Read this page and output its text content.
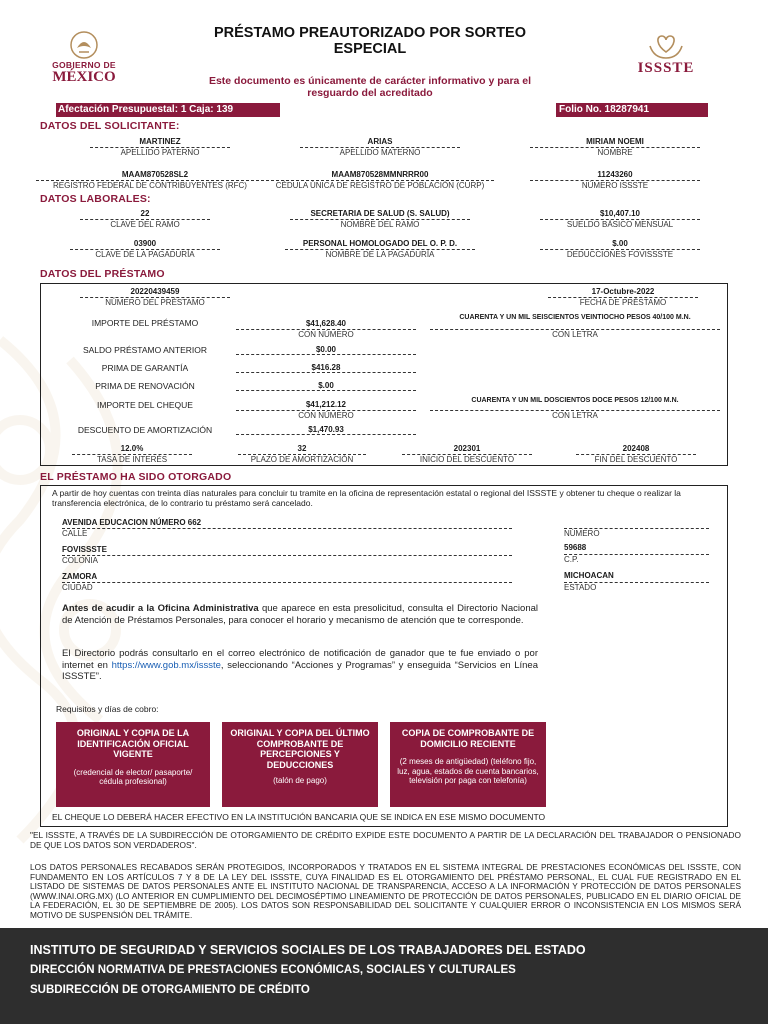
GOBIERNO DE
MÉXICO
ISSSTE
PRÉSTAMO PREAUTORIZADO POR SORTEO
ESPECIAL
Este documento es únicamente de carácter informativo y para el
resguardo del acreditado
Afectación Presupuestal: 1 Caja: 139	Folio No. 18287941
DATOS DEL SOLICITANTE:
MARTINEZ
APELLIDO PATERNO
ARIAS
APELLIDO MATERNO
MIRIAM NOEMI
NOMBRE
MAAM870528SL2
REGISTRO FEDERAL DE CONTRIBUYENTES (RFC)
MAAM870528MMNRRR00
CÉDULA ÚNICA DE REGISTRO DE POBLACIÓN (CURP)
11243260
NÚMERO ISSSTE
DATOS LABORALES:
22
CLAVE DEL RAMO
SECRETARIA DE SALUD (S. SALUD)
NOMBRE DEL RAMO
$10,407.10
SUELDO BÁSICO MENSUAL
03900
CLAVE DE LA PAGADURÍA
PERSONAL HOMOLOGADO DEL O. P. D.
NOMBRE DE LA PAGADURÍA
$.00
DEDUCCIONES FOVISSSTE
DATOS DEL PRÉSTAMO
20220439459
NÚMERO DEL PRÉSTAMO
17-Octubre-2022
FECHA DE PRÉSTAMO
IMPORTE DEL PRÉSTAMO	$41,628.40
CON NÚMERO
CUARENTA Y UN MIL SEISCIENTOS VEINTIOCHO PESOS 40/100 M.N.
CON LETRA
SALDO PRÉSTAMO ANTERIOR	$0.00
PRIMA DE GARANTÍA	$416.28
PRIMA DE RENOVACIÓN	$.00
IMPORTE DEL CHEQUE	$41,212.12
CON NÚMERO
CUARENTA Y UN MIL DOSCIENTOS DOCE PESOS 12/100 M.N.
CON LETRA
DESCUENTO DE AMORTIZACIÓN	$1,470.93
12.0%
TASA DE INTERÉS
32
PLAZO DE AMORTIZACIÓN
202301
INICIO DEL DESCUENTO
202408
FIN DEL DESCUENTO
EL PRÉSTAMO HA SIDO OTORGADO
A partir de hoy cuentas con treinta días naturales para concluir tu tramite en la oficina de representación estatal o regional del ISSSTE y obtener tu cheque o realizar la transferencia electrónica, de lo contrario tu préstamo será cancelado.
AVENIDA EDUCACION NÚMERO 662
CALLE	NÚMERO
FOVISSSTE
COLONIA
59688
C.P.
ZAMORA
CIUDAD
MICHOACAN
ESTADO
Antes de acudir a la Oficina Administrativa que aparece en esta presolicitud, consulta el Directorio Nacional de Atención de Préstamos Personales, para conocer el horario y mecanismo de atención que te corresponde.
El Directorio podrás consultarlo en el correo electrónico de notificación de ganador que te fue enviado o por internet en https://www.gob.mx/issste, seleccionando “Acciones y Programas” y enseguida “Servicios en Línea ISSSTE”.
Requisitos y días de cobro:
ORIGINAL Y COPIA DE LA IDENTIFICACIÓN OFICIAL VIGENTE
(credencial de elector/ pasaporte/ cédula profesional)
ORIGINAL Y COPIA DEL ÚLTIMO COMPROBANTE DE PERCEPCIONES Y DEDUCCIONES
(talón de pago)
COPIA DE COMPROBANTE DE DOMICILIO RECIENTE
(2 meses de antigüedad) (teléfono fijo, luz, agua, estados de cuenta bancarios, televisión por paga con telefonía)
EL CHEQUE LO DEBERÁ HACER EFECTIVO EN LA INSTITUCIÓN BANCARIA QUE SE INDICA EN ESE MISMO DOCUMENTO
"EL ISSSTE, A TRAVÉS DE LA SUBDIRECCIÓN DE OTORGAMIENTO DE CRÉDITO EXPIDE ESTE DOCUMENTO A PARTIR DE LA DECLARACIÓN DEL TRABAJADOR O PENSIONADO DE QUE LOS DATOS SON VERDADEROS".
LOS DATOS PERSONALES RECABADOS SERÁN PROTEGIDOS, INCORPORADOS Y TRATADOS EN EL SISTEMA INTEGRAL DE PRESTACIONES ECONÓMICAS DEL ISSSTE, CON FUNDAMENTO EN LOS ARTÍCULOS 7 Y 8 DE LA LEY DEL ISSSTE, CUYA FINALIDAD ES EL OTORGAMIENTO DEL PRÉSTAMO PERSONAL, EL CUAL FUE REGISTRADO EN EL LISTADO DE SISTEMAS DE DATOS PERSONALES ANTE EL INSTITUTO NACIONAL DE TRANSPARENCIA, ACCESO A LA INFORMACIÓN Y PROTECCIÓN DE DATOS PERSONALES (WWW.INAI.ORG.MX) (LO ANTERIOR EN CUMPLIMIENTO DEL DECIMOSÉPTIMO LINEAMIENTO DE PROTECCIÓN DE DATOS PERSONALES, PUBLICADO EN EL DIARIO OFICIAL DE LA FEDERACIÓN, EL 30 DE SEPTIEMBRE DE 2005). LOS DATOS SON RESPONSABILIDAD DEL SOLICITANTE Y CUALQUIER ERROR O INCONSISTENCIA EN LOS MISMOS SERÁ MOTIVO DE SUSPENSIÓN DEL TRÁMITE.
INSTITUTO DE SEGURIDAD Y SERVICIOS SOCIALES DE LOS TRABAJADORES DEL ESTADO
DIRECCIÓN NORMATIVA DE PRESTACIONES ECONÓMICAS, SOCIALES Y CULTURALES
SUBDIRECCIÓN DE OTORGAMIENTO DE CRÉDITO
